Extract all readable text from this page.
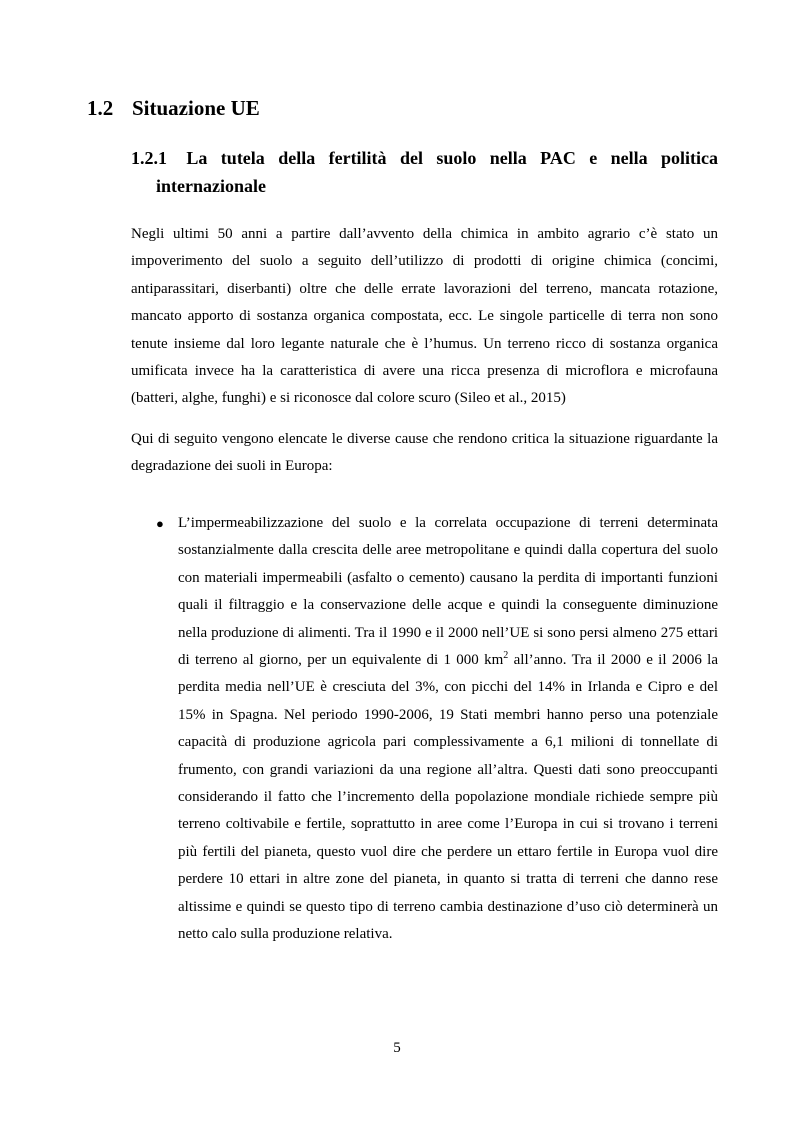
1.2 Situazione UE
1.2.1 La tutela della fertilità del suolo nella PAC e nella politica
internazionale

Negli ultimi 50 anni a partire dall’avvento della chimica in ambito agrario c’è stato un impoverimento del suolo a seguito dell’utilizzo di prodotti di origine chimica (concimi, antiparassitari, diserbanti) oltre che delle errate lavorazioni del terreno, mancata rotazione, mancato apporto di sostanza organica compostata, ecc. Le singole particelle di terra non sono tenute insieme dal loro legante naturale che è l’humus. Un terreno ricco di sostanza organica umificata invece ha la caratteristica di avere una ricca presenza di microflora e microfauna (batteri, alghe, funghi) e si riconosce dal colore scuro (Sileo et al., 2015)

Qui di seguito vengono elencate le diverse cause che rendono critica la situazione riguardante la degradazione dei suoli in Europa:

● L’impermeabilizzazione del suolo e la correlata occupazione di terreni determinata sostanzialmente dalla crescita delle aree metropolitane e quindi dalla copertura del suolo con materiali impermeabili (asfalto o cemento) causano la perdita di importanti funzioni quali il filtraggio e la conservazione delle acque e quindi la conseguente diminuzione nella produzione di alimenti. Tra il 1990 e il 2000 nell’UE si sono persi almeno 275 ettari di terreno al giorno, per un equivalente di 1 000 $km^2$ all’anno. Tra il 2000 e il 2006 la perdita media nell’UE è cresciuta del 3%, con picchi del 14% in Irlanda e Cipro e del 15% in Spagna. Nel periodo 1990-2006, 19 Stati membri hanno perso una potenziale capacità di produzione agricola pari complessivamente a 6,1 milioni di tonnellate di frumento, con grandi variazioni da una regione all’altra. Questi dati sono preoccupanti considerando il fatto che l’incremento della popolazione mondiale richiede sempre più terreno coltivabile e fertile, soprattutto in aree come l’Europa in cui si trovano i terreni più fertili del pianeta, questo vuol dire che perdere un ettaro fertile in Europa vuol dire perdere 10 ettari in altre zone del pianeta, in quanto si tratta di terreni che danno rese altissime e quindi se questo tipo di terreno cambia destinazione d’uso ciò determinerà un netto calo sulla produzione relativa.

5
